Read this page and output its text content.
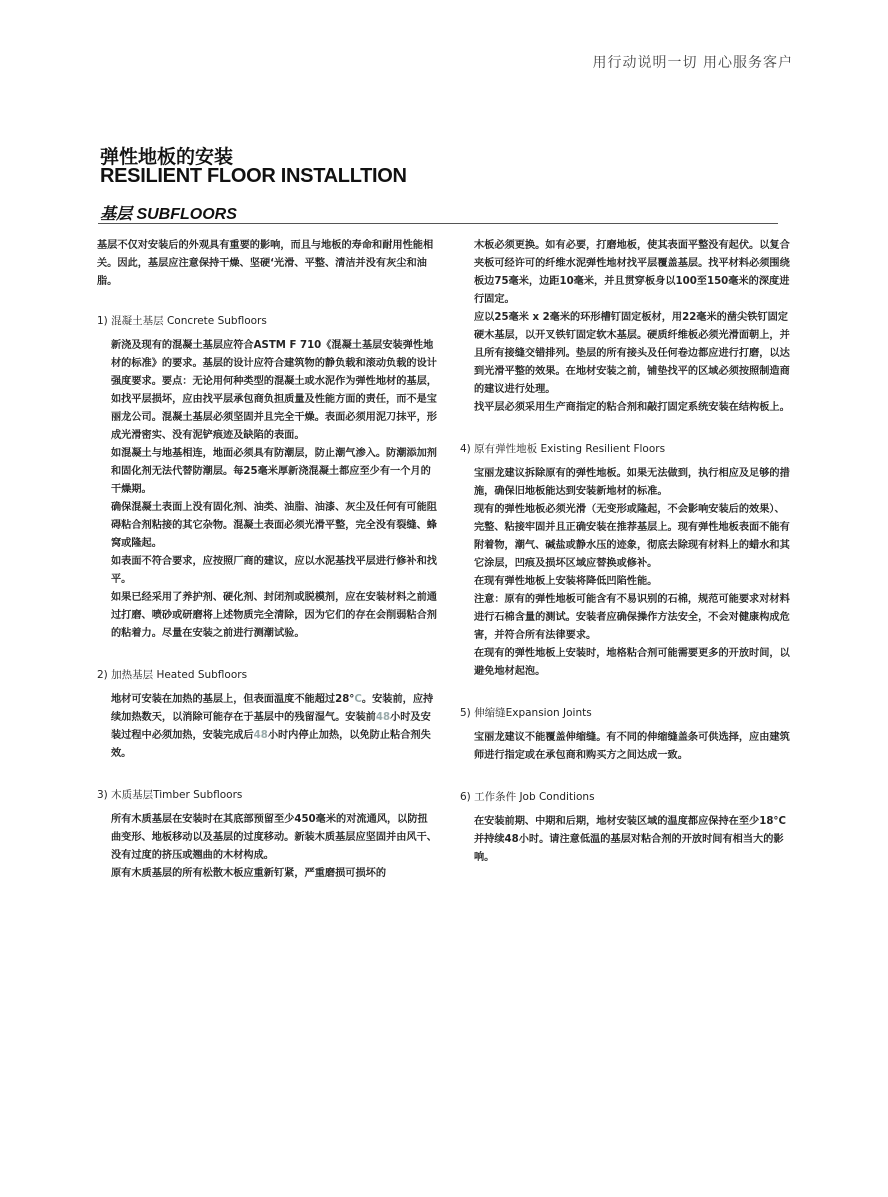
用行动说明一切 用心服务客户
弹性地板的安装
RESILIENT FLOOR INSTALLTION
基层 SUBFLOORS

基层不仅对安装后的外观具有重要的影响，而且与地板的寿命和耐用性能相关。因此，基层应注意保持干燥、坚硬‘光滑、平整、清洁并没有灰尘和油脂。

1) 混凝土基层 Concrete Subfloors

新浇及现有的混凝土基层应符合ASTM F 710《混凝土基层安装弹性地材的标准》的要求。基层的设计应符合建筑物的静负载和滚动负载的设计强度要求。要点：无论用何种类型的混凝土或水泥作为弹性地材的基层，如找平层损坏，应由找平层承包商负担质量及性能方面的责任，而不是宝丽龙公司。混凝土基层必须坚固并且完全干燥。表面必须用泥刀抹平，形成光滑密实、没有泥铲痕迹及缺陷的表面。

如混凝土与地基相连，地面必须具有防潮层，防止潮气渗入。防潮添加剂和固化剂无法代替防潮层。每25毫米厚新浇混凝土都应至少有一个月的干燥期。

确保混凝土表面上没有固化剂、油类、油脂、油漆、灰尘及任何有可能阻碍粘合剂粘接的其它杂物。混凝土表面必须光滑平整，完全没有裂缝、蜂窝或隆起。

如表面不符合要求，应按照厂商的建议，应以水泥基找平层进行修补和找平。

如果已经采用了养护剂、硬化剂、封闭剂或脱模剂，应在安装材料之前通过打磨、喷砂或研磨将上述物质完全清除，因为它们的存在会削弱粘合剂的粘着力。尽量在安装之前进行测潮试验。

2) 加热基层 Heated Subfloors

地材可安装在加热的基层上，但表面温度不能超过28°C。安装前，应持续加热数天，以消除可能存在于基层中的残留湿气。安装前48小时及安装过程中必须加热，安装完成后48小时内停止加热，以免防止粘合剂失效。

3) 木质基层Timber Subfloors

所有木质基层在安装时在其底部预留至少450毫米的对流通风，以防扭曲变形、地板移动以及基层的过度移动。新装木质基层应坚固并由风干、没有过度的挤压或翘曲的木材构成。

原有木质基层的所有松散木板应重新钉紧，严重磨损可损坏的

木板必须更换。如有必要，打磨地板，使其表面平整没有起伏。以复合夹板可经许可的纤维水泥弹性地材找平层覆盖基层。找平材料必须围绕板边75毫米，边距10毫米，并且贯穿板身以100至150毫米的深度进行固定。

应以25毫米 x 2毫米的环形槽钉固定板材，用22毫米的凿尖铁钉固定硬木基层，以开叉铁钉固定软木基层。硬质纤维板必须光滑面朝上，并且所有接缝交错排列。垫层的所有接头及任何卷边都应进行打磨，以达到光滑平整的效果。在地材安装之前，铺垫找平的区域必须按照制造商的建议进行处理。

找平层必须采用生产商指定的粘合剂和敲打固定系统安装在结构板上。

4) 原有弹性地板 Existing Resilient Floors

宝丽龙建议拆除原有的弹性地板。如果无法做到，执行相应及足够的措施，确保旧地板能达到安装新地材的标准。

现有的弹性地板必须光滑（无变形或隆起，不会影响安装后的效果）、完整、粘接牢固并且正确安装在推荐基层上。现有弹性地板表面不能有附着物，潮气、碱盐或静水压的迹象，彻底去除现有材料上的蜡水和其它涂层，凹痕及损坏区域应替换或修补。

在现有弹性地板上安装将降低凹陷性能。

注意：原有的弹性地板可能含有不易识别的石棉，规范可能要求对材料进行石棉含量的测试。安装者应确保操作方法安全，不会对健康构成危害，并符合所有法律要求。

在现有的弹性地板上安装时，地格粘合剂可能需要更多的开放时间，以避免地材起泡。

5) 伸缩缝Expansion Joints

宝丽龙建议不能覆盖伸缩缝。有不同的伸缩缝盖条可供选择，应由建筑师进行指定或在承包商和购买方之间达成一致。

6) 工作条件 Job Conditions

在安装前期、中期和后期，地材安装区域的温度都应保持在至少18°C并持续48小时。请注意低温的基层对粘合剂的开放时间有相当大的影响。
